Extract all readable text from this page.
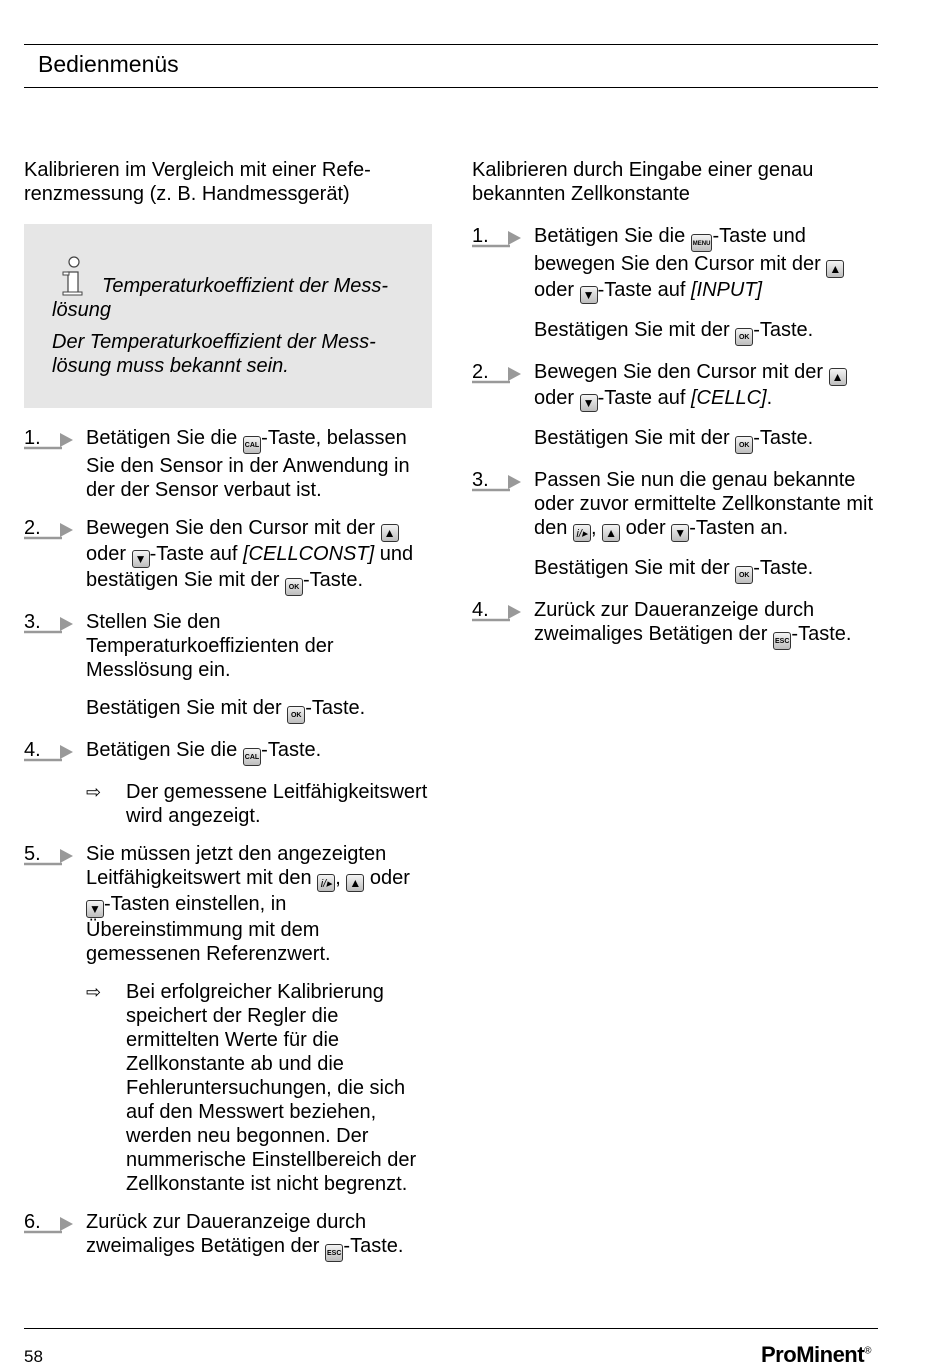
Bedienmenüs
Kalibrieren im Vergleich mit einer Refe-
renzmessung (z. B. Handmessgerät)
Temperaturkoeffizient der Mess-
lösung
Der Temperaturkoeffizient der Mess-
lösung muss bekannt sein.
1. Betätigen Sie die CAL -Taste, belassen Sie den Sensor in der Anwendung in der der Sensor verbaut ist.
2. Bewegen Sie den Cursor mit der ▲
oder ▼ -Taste auf [CELLCONST] und bestätigen Sie mit der OK -Taste.
3. Stellen Sie den Temperaturkoeffizienten der Messlösung ein.
Bestätigen Sie mit der OK -Taste.
4. Betätigen Sie die CAL -Taste.
⇨ Der gemessene Leitfähigkeitswert wird angezeigt.
5. Sie müssen jetzt den angezeigten Leitfähigkeitswert mit den i/▸ , ▲ oder ▼ -Tasten einstellen, in Übereinstimmung mit dem gemessenen Referenzwert.
⇨ Bei erfolgreicher Kalibrierung speichert der Regler die ermittelten Werte für die Zellkonstante ab und die Fehleruntersuchungen, die sich auf den Messwert beziehen, werden neu begonnen. Der nummerische Einstellbereich der Zellkonstante ist nicht begrenzt.
6. Zurück zur Daueranzeige durch zweimaliges Betätigen der ESC -Taste.
Kalibrieren durch Eingabe einer genau bekannten Zellkonstante
1. Betätigen Sie die MENU -Taste und bewegen Sie den Cursor mit der ▲ oder ▼ -Taste auf [INPUT]
Bestätigen Sie mit der OK -Taste.
2. Bewegen Sie den Cursor mit der ▲
oder ▼ -Taste auf [CELLC].
Bestätigen Sie mit der OK -Taste.
3. Passen Sie nun die genau bekannte oder zuvor ermittelte Zellkonstante mit den i/▸ , ▲ oder ▼ -Tasten an.
Bestätigen Sie mit der OK -Taste.
4. Zurück zur Daueranzeige durch zweimaliges Betätigen der ESC -Taste.
58	ProMinent®
